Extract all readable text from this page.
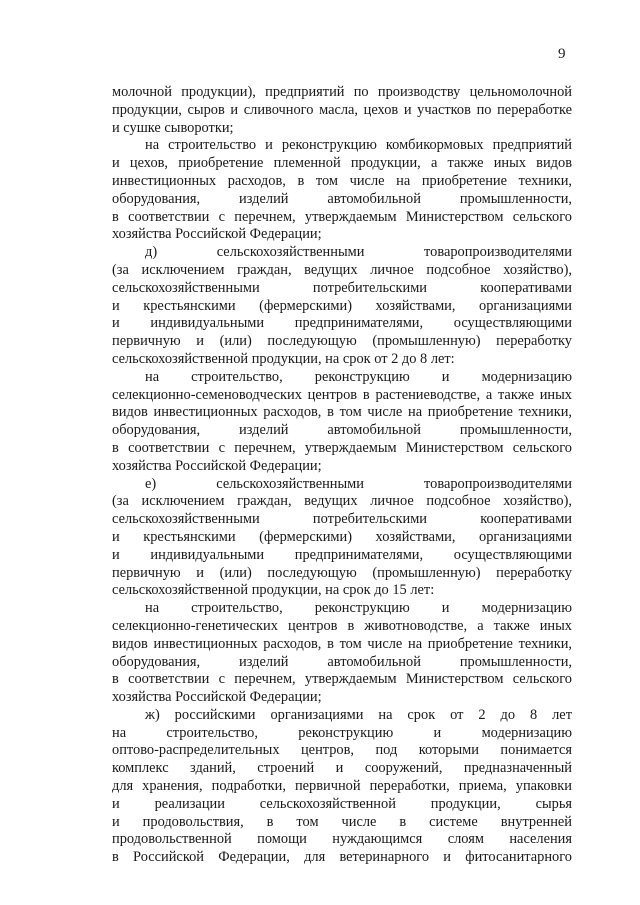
9
молочной продукции), предприятий по производству цельномолочной
продукции, сыров и сливочного масла, цехов и участков по переработке
и сушке сыворотки;
на строительство и реконструкцию комбикормовых предприятий
и цехов, приобретение племенной продукции, а также иных видов
инвестиционных расходов, в том числе на приобретение техники,
оборудования, изделий автомобильной промышленности,
в соответствии с перечнем, утверждаемым Министерством сельского
хозяйства Российской Федерации;
д) сельскохозяйственными товаропроизводителями
(за исключением граждан, ведущих личное подсобное хозяйство),
сельскохозяйственными потребительскими кооперативами
и крестьянскими (фермерскими) хозяйствами, организациями
и индивидуальными предпринимателями, осуществляющими
первичную и (или) последующую (промышленную) переработку
сельскохозяйственной продукции, на срок от 2 до 8 лет:
на строительство, реконструкцию и модернизацию
селекционно-семеноводческих центров в растениеводстве, а также иных
видов инвестиционных расходов, в том числе на приобретение техники,
оборудования, изделий автомобильной промышленности,
в соответствии с перечнем, утверждаемым Министерством сельского
хозяйства Российской Федерации;
е) сельскохозяйственными товаропроизводителями
(за исключением граждан, ведущих личное подсобное хозяйство),
сельскохозяйственными потребительскими кооперативами
и крестьянскими (фермерскими) хозяйствами, организациями
и индивидуальными предпринимателями, осуществляющими
первичную и (или) последующую (промышленную) переработку
сельскохозяйственной продукции, на срок до 15 лет:
на строительство, реконструкцию и модернизацию
селекционно-генетических центров в животноводстве, а также иных
видов инвестиционных расходов, в том числе на приобретение техники,
оборудования, изделий автомобильной промышленности,
в соответствии с перечнем, утверждаемым Министерством сельского
хозяйства Российской Федерации;
ж) российскими организациями на срок от 2 до 8 лет
на строительство, реконструкцию и модернизацию
оптово-распределительных центров, под которыми понимается
комплекс зданий, строений и сооружений, предназначенный
для хранения, подработки, первичной переработки, приема, упаковки
и реализации сельскохозяйственной продукции, сырья
и продовольствия, в том числе в системе внутренней
продовольственной помощи нуждающимся слоям населения
в Российской Федерации, для ветеринарного и фитосанитарного
